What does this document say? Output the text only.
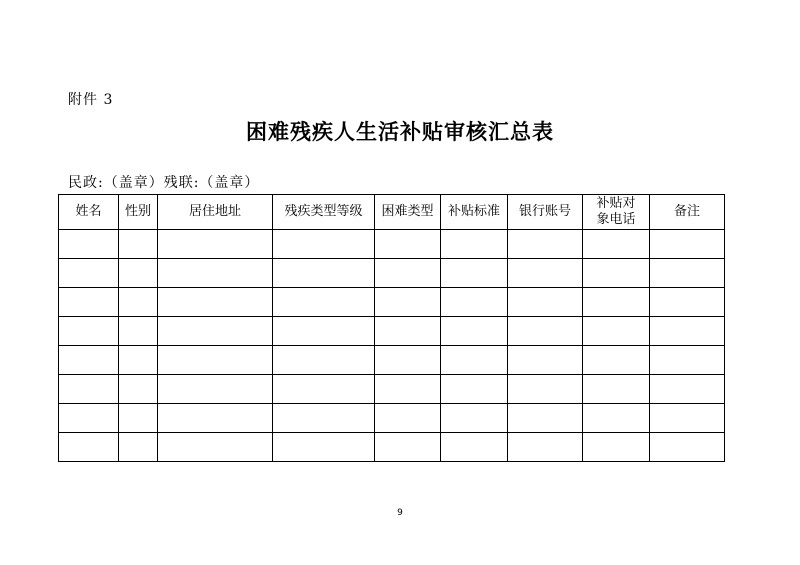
附件 3
困难残疾人生活补贴审核汇总表
民政:（盖章）残联:（盖章）
姓名	性别	居住地址	残疾类型等级	困难类型	补贴标准	银行账号	补贴对象电话	备注

9
